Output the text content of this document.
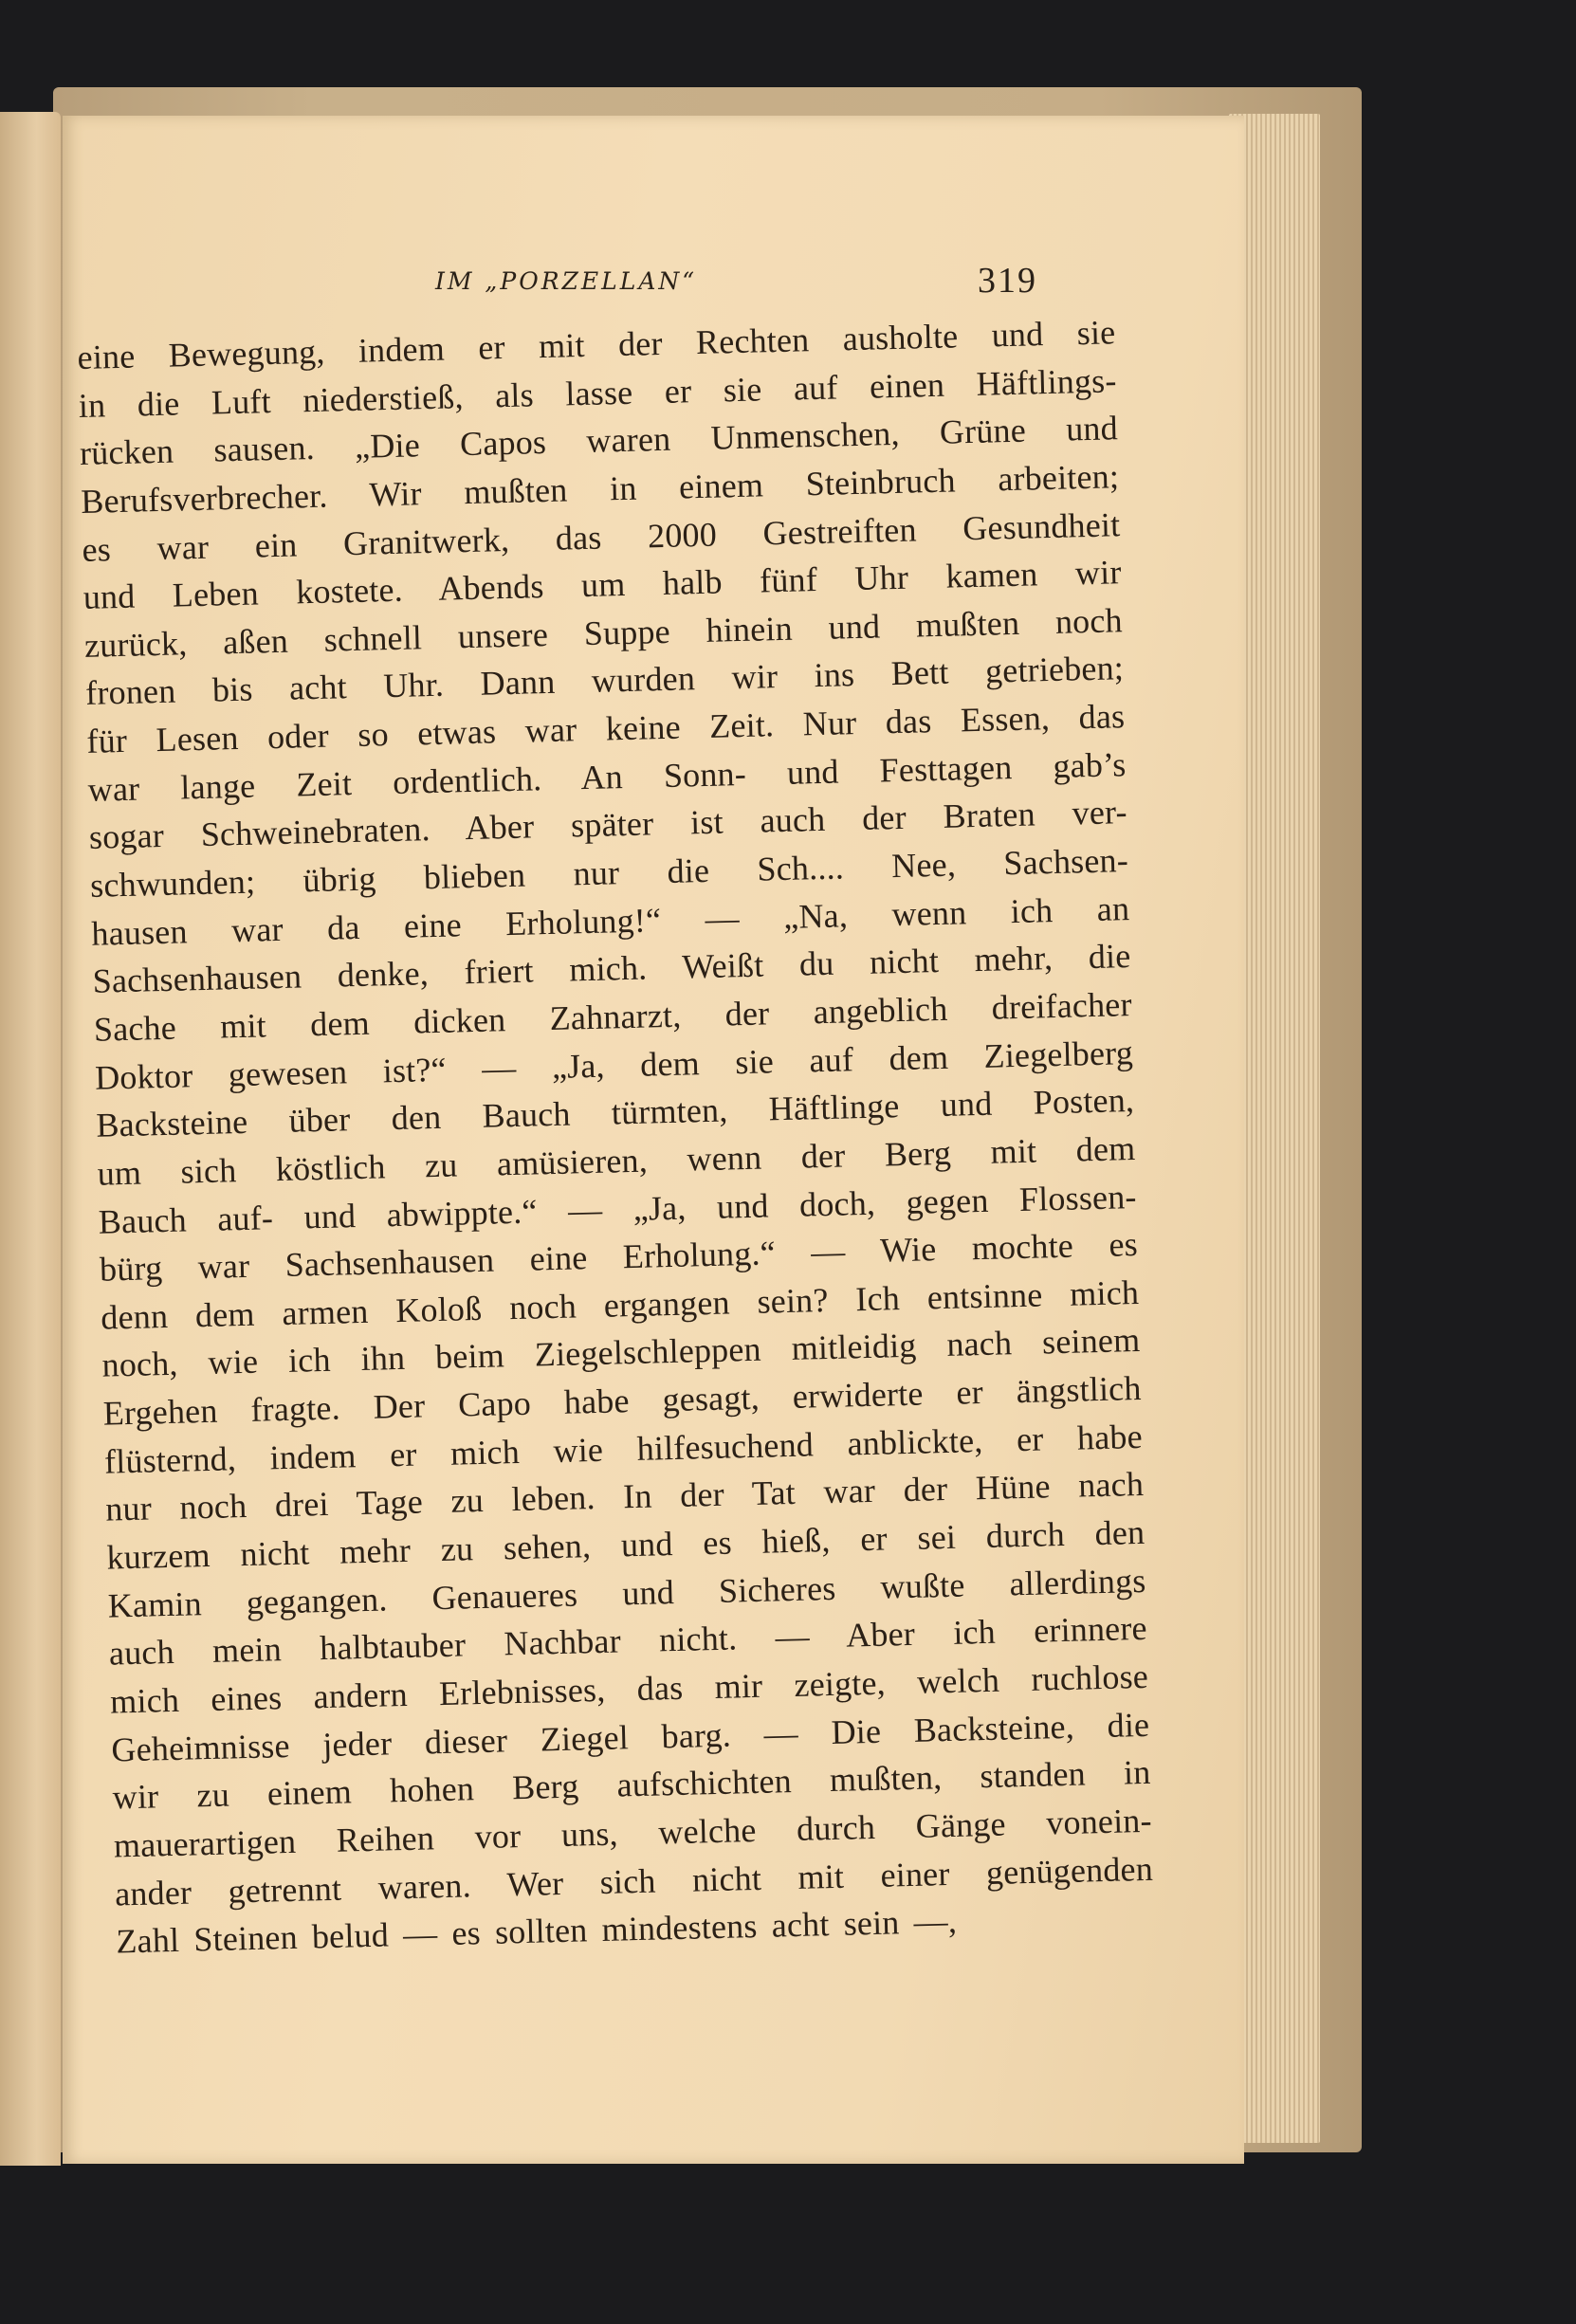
IM „PORZELLAN“	319
eine Bewegung, indem er mit der Rechten ausholte und sie
in die Luft niederstieß, als lasse er sie auf einen Häftlings-
rücken sausen. „Die Capos waren Unmenschen, Grüne und
Berufsverbrecher. Wir mußten in einem Steinbruch arbeiten;
es war ein Granitwerk, das 2000 Gestreiften Gesundheit
und Leben kostete. Abends um halb fünf Uhr kamen wir
zurück, aßen schnell unsere Suppe hinein und mußten noch
fronen bis acht Uhr. Dann wurden wir ins Bett getrieben;
für Lesen oder so etwas war keine Zeit. Nur das Essen, das
war lange Zeit ordentlich. An Sonn- und Festtagen gab’s
sogar Schweinebraten. Aber später ist auch der Braten ver-
schwunden; übrig blieben nur die Sch.... Nee, Sachsen-
hausen war da eine Erholung!“ — „Na, wenn ich an
Sachsenhausen denke, friert mich. Weißt du nicht mehr, die
Sache mit dem dicken Zahnarzt, der angeblich dreifacher
Doktor gewesen ist?“ — „Ja, dem sie auf dem Ziegelberg
Backsteine über den Bauch türmten, Häftlinge und Posten,
um sich köstlich zu amüsieren, wenn der Berg mit dem
Bauch auf- und abwippte.“ — „Ja, und doch, gegen Flossen-
bürg war Sachsenhausen eine Erholung.“ — Wie mochte es
denn dem armen Koloß noch ergangen sein? Ich entsinne mich
noch, wie ich ihn beim Ziegelschleppen mitleidig nach seinem
Ergehen fragte. Der Capo habe gesagt, erwiderte er ängstlich
flüsternd, indem er mich wie hilfesuchend anblickte, er habe
nur noch drei Tage zu leben. In der Tat war der Hüne nach
kurzem nicht mehr zu sehen, und es hieß, er sei durch den
Kamin gegangen. Genaueres und Sicheres wußte allerdings
auch mein halbtauber Nachbar nicht. — Aber ich erinnere
mich eines andern Erlebnisses, das mir zeigte, welch ruchlose
Geheimnisse jeder dieser Ziegel barg. — Die Backsteine, die
wir zu einem hohen Berg aufschichten mußten, standen in
mauerartigen Reihen vor uns, welche durch Gänge vonein-
ander getrennt waren. Wer sich nicht mit einer genügenden
Zahl Steinen belud — es sollten mindestens acht sein —,
